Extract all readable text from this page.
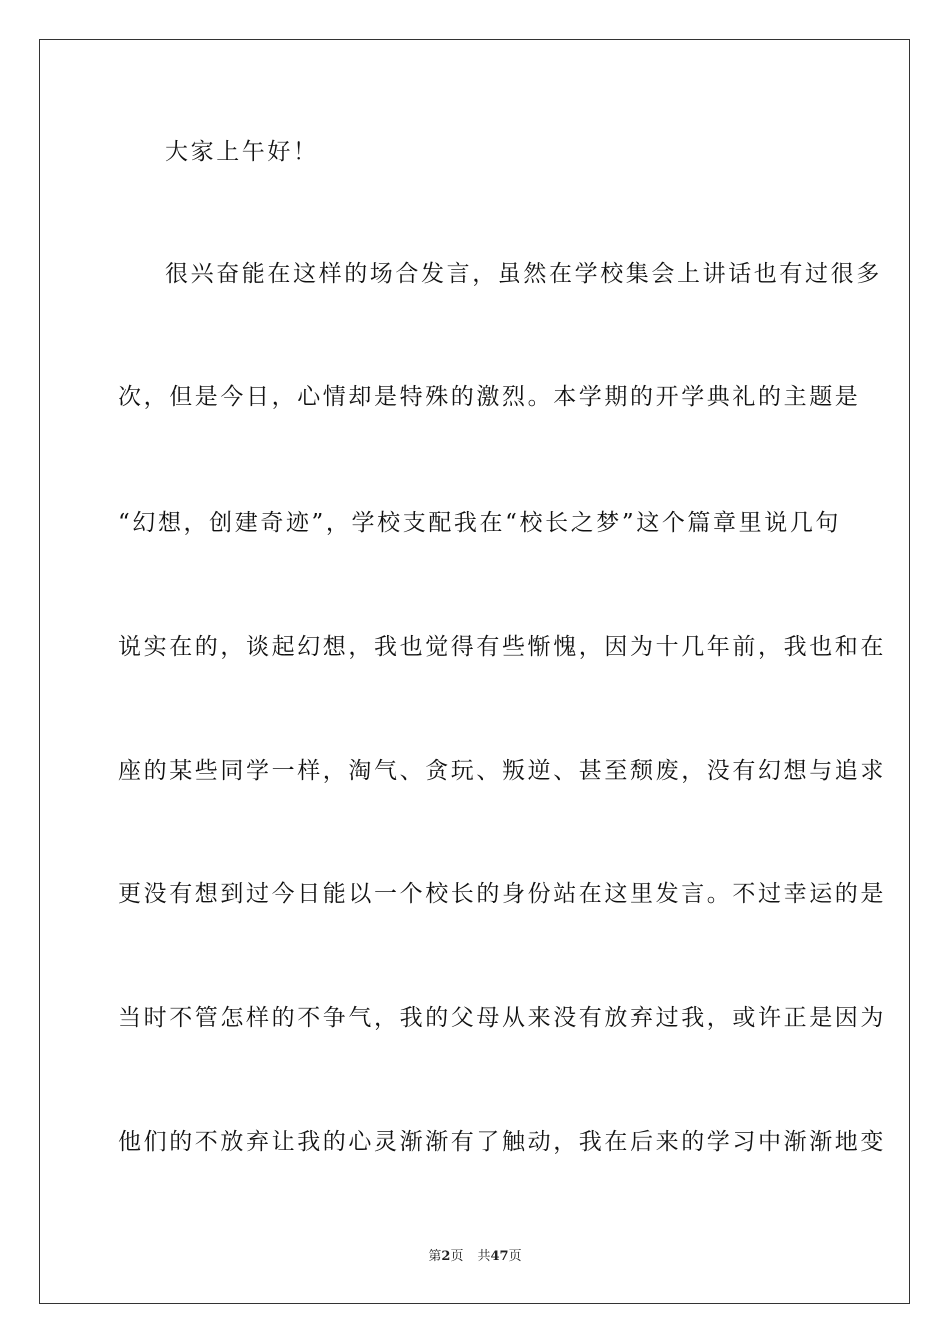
大家上午好！
很兴奋能在这样的场合发言，虽然在学校集会上讲话也有过很多
次，但是今日，心情却是特殊的激烈。本学期的开学典礼的主题是
“幻想，创建奇迹”，学校支配我在“校长之梦”这个篇章里说几句
说实在的，谈起幻想，我也觉得有些惭愧，因为十几年前，我也和在
座的某些同学一样，淘气、贪玩、叛逆、甚至颓废，没有幻想与追求
更没有想到过今日能以一个校长的身份站在这里发言。不过幸运的是
当时不管怎样的不争气，我的父母从来没有放弃过我，或许正是因为
他们的不放弃让我的心灵渐渐有了触动，我在后来的学习中渐渐地变
第2页 共47页
